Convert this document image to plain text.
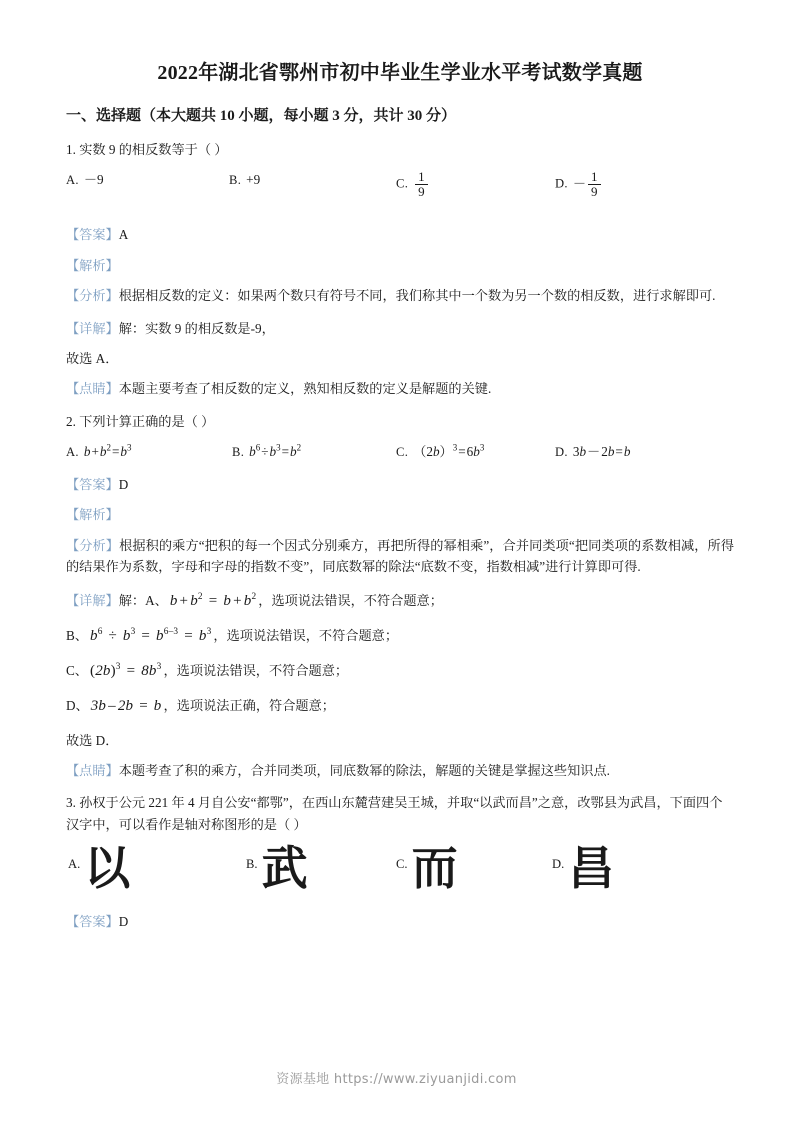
2022年湖北省鄂州市初中毕业生学业水平考试数学真题
一、选择题（本大题共 10 小题，每小题 3 分，共计 30 分）
1. 实数 9 的相反数等于（ ）
A. －9	B. +9	C. $\frac{1}{9}$	D. － $\frac{1}{9}$
【答案】A
【解析】
【分析】根据相反数的定义：如果两个数只有符号不同，我们称其中一个数为另一个数的相反数，进行求解即可.
【详解】解：实数 9 的相反数是-9，
故选 A．
【点睛】本题主要考查了相反数的定义，熟知相反数的定义是解题的关键.
2. 下列计算正确的是（ ）
A. $b+b^2=b^3$	B. $b^6\div b^3=b^2$	C. $(2b)^3=6b^3$	D. 3b－2b=b
【答案】D
【解析】
【分析】根据积的乘方“把积的每一个因式分别乘方，再把所得的幂相乘”，合并同类项“把同类项的系数相减，所得的结果作为系数，字母和字母的指数不变”，同底数幂的除法“底数不变，指数相减”进行计算即可得.
【详解】解：A、 $b + b^2 = b + b^2$ ，选项说法错误，不符合题意；
B、 $b^6 \div b^3 = b^{6-3} = b^3$ ，选项说法错误，不符合题意；
C、 $(2b)^3 = 8b^3$ ，选项说法错误，不符合题意；
D、 3b – 2b = b ，选项说法正确，符合题意；
故选 D．
【点睛】本题考查了积的乘方，合并同类项，同底数幂的除法，解题的关键是掌握这些知识点.
3. 孙权于公元 221 年 4 月自公安“都鄂”，在西山东麓营建吴王城，并取“以武而昌”之意，改鄂县为武昌，下面四个汉字中，可以看作是轴对称图形的是（ ）
A.以	B.武	C.而	D.昌
【答案】D
资源基地 https://www.ziyuanjidi.com
